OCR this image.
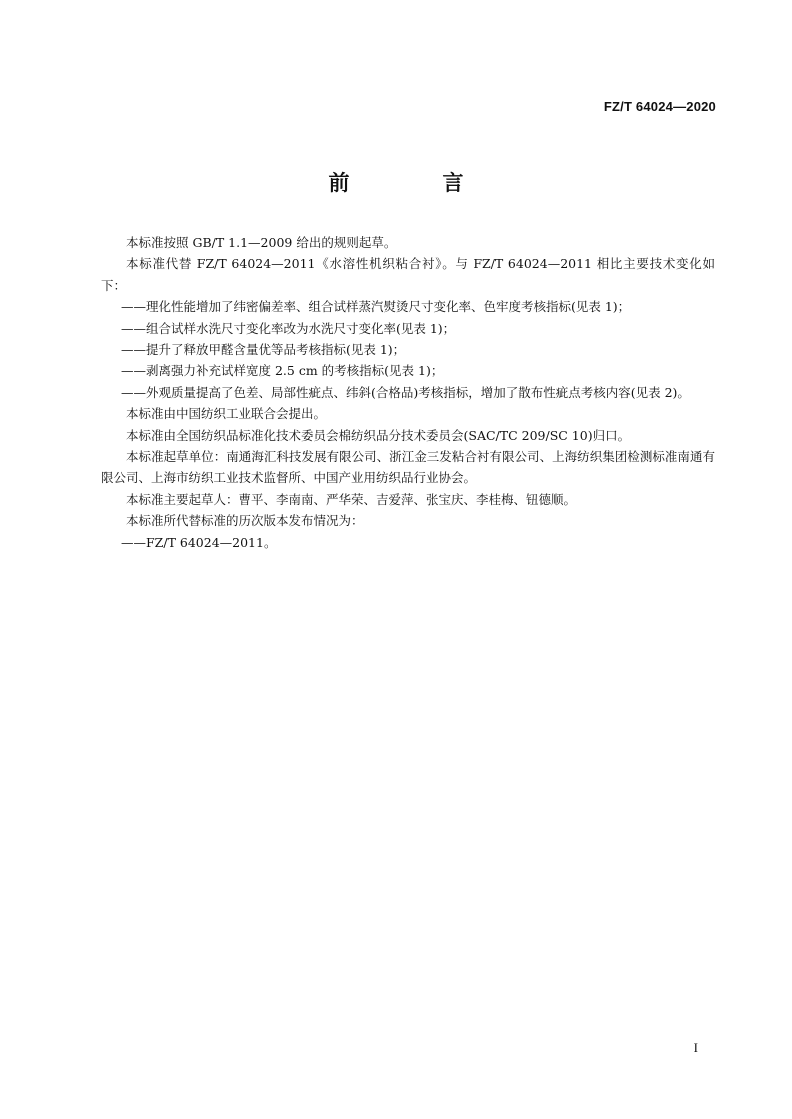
FZ/T 64024—2020
前　言

本标准按照 GB/T 1.1—2009 给出的规则起草。

本标准代替 FZ/T 64024—2011《水溶性机织粘合衬》。与 FZ/T 64024—2011 相比主要技术变化如下：

——理化性能增加了纬密偏差率、组合试样蒸汽熨烫尺寸变化率、色牢度考核指标(见表 1)；

——组合试样水洗尺寸变化率改为水洗尺寸变化率(见表 1)；

——提升了释放甲醛含量优等品考核指标(见表 1)；

——剥离强力补充试样宽度 2.5 cm 的考核指标(见表 1)；

——外观质量提高了色差、局部性疵点、纬斜(合格品)考核指标，增加了散布性疵点考核内容(见表 2)。

本标准由中国纺织工业联合会提出。

本标准由全国纺织品标准化技术委员会棉纺织品分技术委员会(SAC/TC 209/SC 10)归口。

本标准起草单位：南通海汇科技发展有限公司、浙江金三发粘合衬有限公司、上海纺织集团检测标准南通有限公司、上海市纺织工业技术监督所、中国产业用纺织品行业协会。

本标准主要起草人：曹平、李南南、严华荣、吉爱萍、张宝庆、李桂梅、钮德顺。

本标准所代替标准的历次版本发布情况为：

——FZ/T 64024—2011。

I
